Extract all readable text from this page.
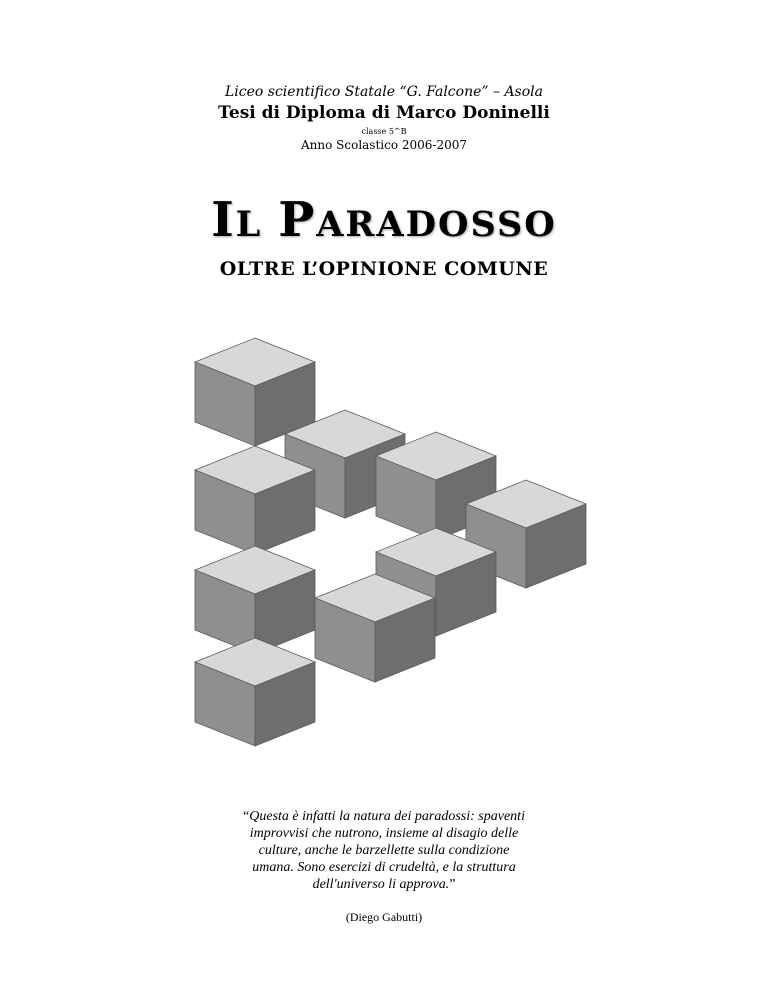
Liceo scientifico Statale “G. Falcone” – Asola
Tesi di Diploma di Marco Doninelli
classe 5^B
Anno Scolastico 2006-2007
IL PARADOSSO
OLTRE L’OPINIONE COMUNE
“Questa è infatti la natura dei paradossi: spaventi
improvvisi che nutrono, insieme al disagio delle
culture, anche le barzellette sulla condizione
umana. Sono esercizi di crudeltà, e la struttura
dell'universo li approva.”
(Diego Gabutti)
